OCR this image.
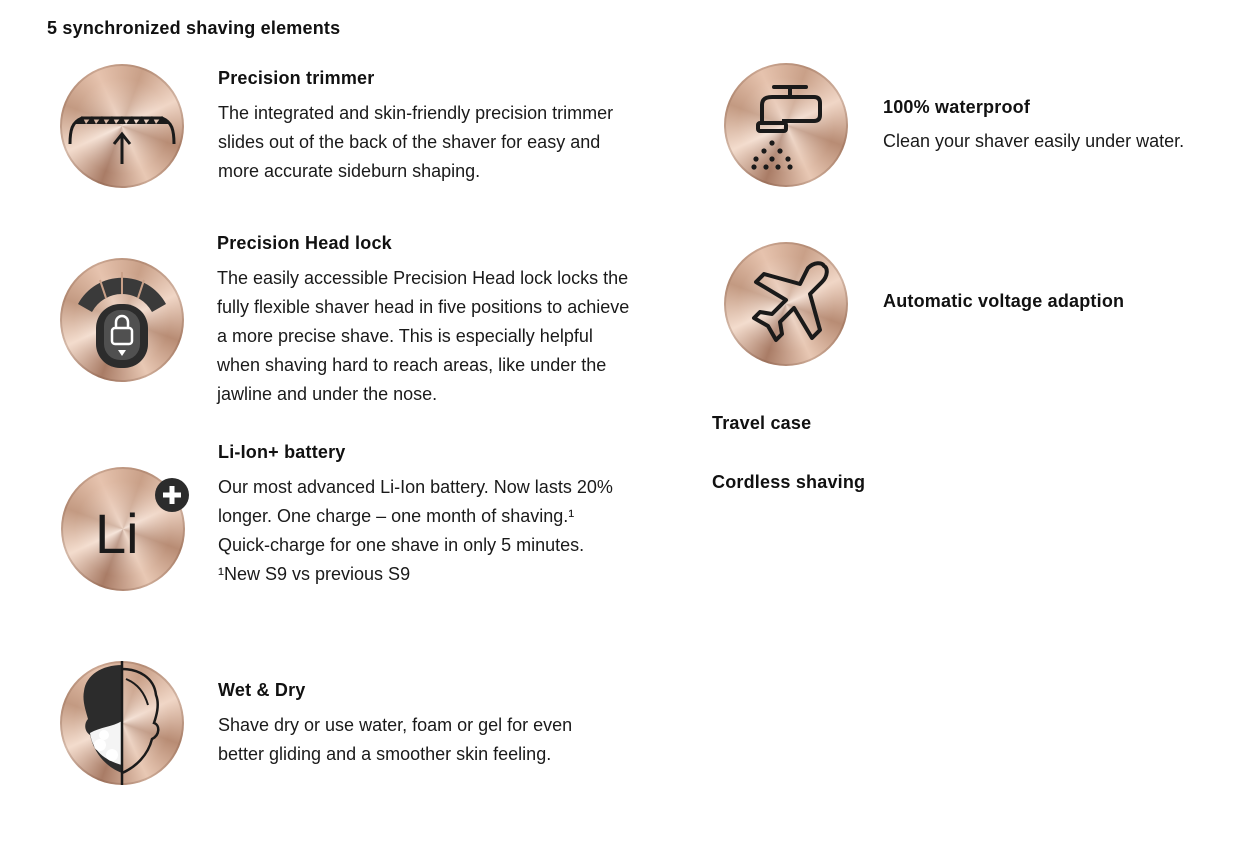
5 synchronized shaving elements
Precision trimmer
The integrated and skin-friendly precision trimmer slides out of the back of the shaver for easy and more accurate sideburn shaping.
Precision Head lock
The easily accessible Precision Head lock locks the fully flexible shaver head in five positions to achieve a more precise shave. This is especially helpful when shaving hard to reach areas, like under the jawline and under the nose.
Li
Li-Ion+ battery

Our most advanced Li-Ion battery. Now lasts 20% longer. One charge – one month of shaving.¹ Quick-charge for one shave in only 5 minutes.

¹New S9 vs previous S9

Wet & Dry
Shave dry or use water, foam or gel for even better gliding and a smoother skin feeling.
100% waterproof
Clean your shaver easily under water.
Automatic voltage adaption
Travel case
Cordless shaving
